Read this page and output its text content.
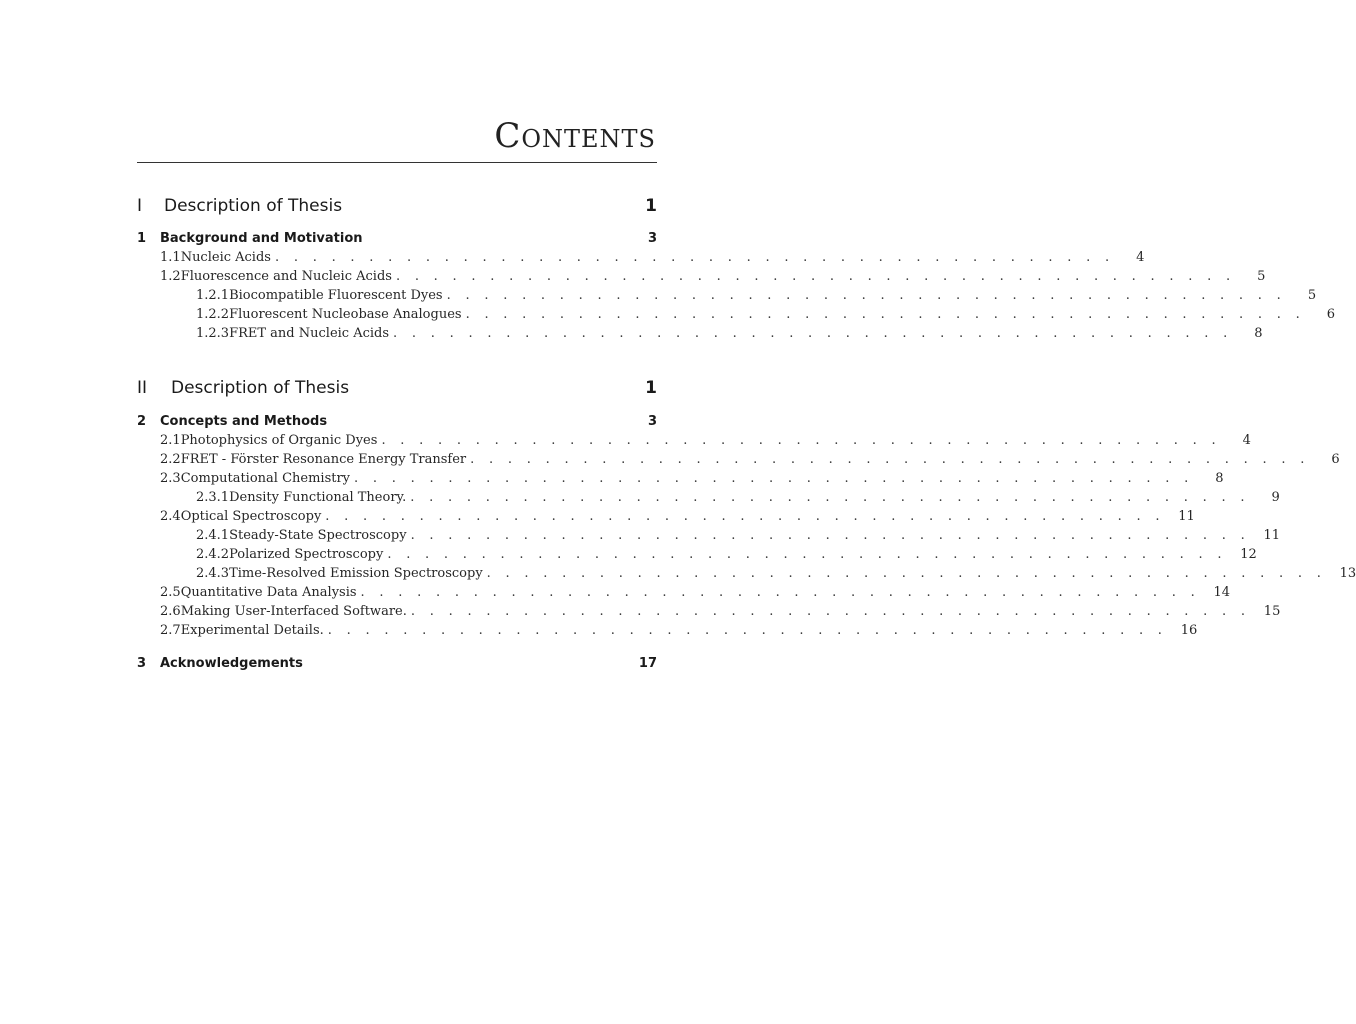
Contents
I	Description of Thesis	1
1	Background and Motivation	3
1.1 Nucleic Acids . . . . . . . . . . . . . . . . . . . . . . . . . . . . . . . . . . . . . . . . . . . . .	4
1.2 Fluorescence and Nucleic Acids . . . . . . . . . . . . . . . . . . . . . . . . . . . . . . . . . . . . . . . . . . . . .	5
1.2.1 Biocompatible Fluorescent Dyes . . . . . . . . . . . . . . . . . . . . . . . . . . . . . . . . . . . . . . . . . . . . .	5
1.2.2 Fluorescent Nucleobase Analogues . . . . . . . . . . . . . . . . . . . . . . . . . . . . . . . . . . . . . . . . . . . . .	6
1.2.3 FRET and Nucleic Acids . . . . . . . . . . . . . . . . . . . . . . . . . . . . . . . . . . . . . . . . . . . . .	8
II	Description of Thesis	1
2	Concepts and Methods	3
2.1 Photophysics of Organic Dyes . . . . . . . . . . . . . . . . . . . . . . . . . . . . . . . . . . . . . . . . . . . . .	4
2.2 FRET - Förster Resonance Energy Transfer . . . . . . . . . . . . . . . . . . . . . . . . . . . . . . . . . . . . . . . . . . . . .	6
2.3 Computational Chemistry . . . . . . . . . . . . . . . . . . . . . . . . . . . . . . . . . . . . . . . . . . . . .	8
2.3.1 Density Functional Theory. . . . . . . . . . . . . . . . . . . . . . . . . . . . . . . . . . . . . . . . . . . . . .	9
2.4 Optical Spectroscopy . . . . . . . . . . . . . . . . . . . . . . . . . . . . . . . . . . . . . . . . . . . . .	11
2.4.1 Steady-State Spectroscopy . . . . . . . . . . . . . . . . . . . . . . . . . . . . . . . . . . . . . . . . . . . . .	11
2.4.2 Polarized Spectroscopy . . . . . . . . . . . . . . . . . . . . . . . . . . . . . . . . . . . . . . . . . . . . .	12
2.4.3 Time-Resolved Emission Spectroscopy . . . . . . . . . . . . . . . . . . . . . . . . . . . . . . . . . . . . . . . . . . . . .	13
2.5 Quantitative Data Analysis . . . . . . . . . . . . . . . . . . . . . . . . . . . . . . . . . . . . . . . . . . . . .	14
2.6 Making User-Interfaced Software. . . . . . . . . . . . . . . . . . . . . . . . . . . . . . . . . . . . . . . . . . . . . .	15
2.7 Experimental Details. . . . . . . . . . . . . . . . . . . . . . . . . . . . . . . . . . . . . . . . . . . . . .	16
3	Acknowledgements	17
